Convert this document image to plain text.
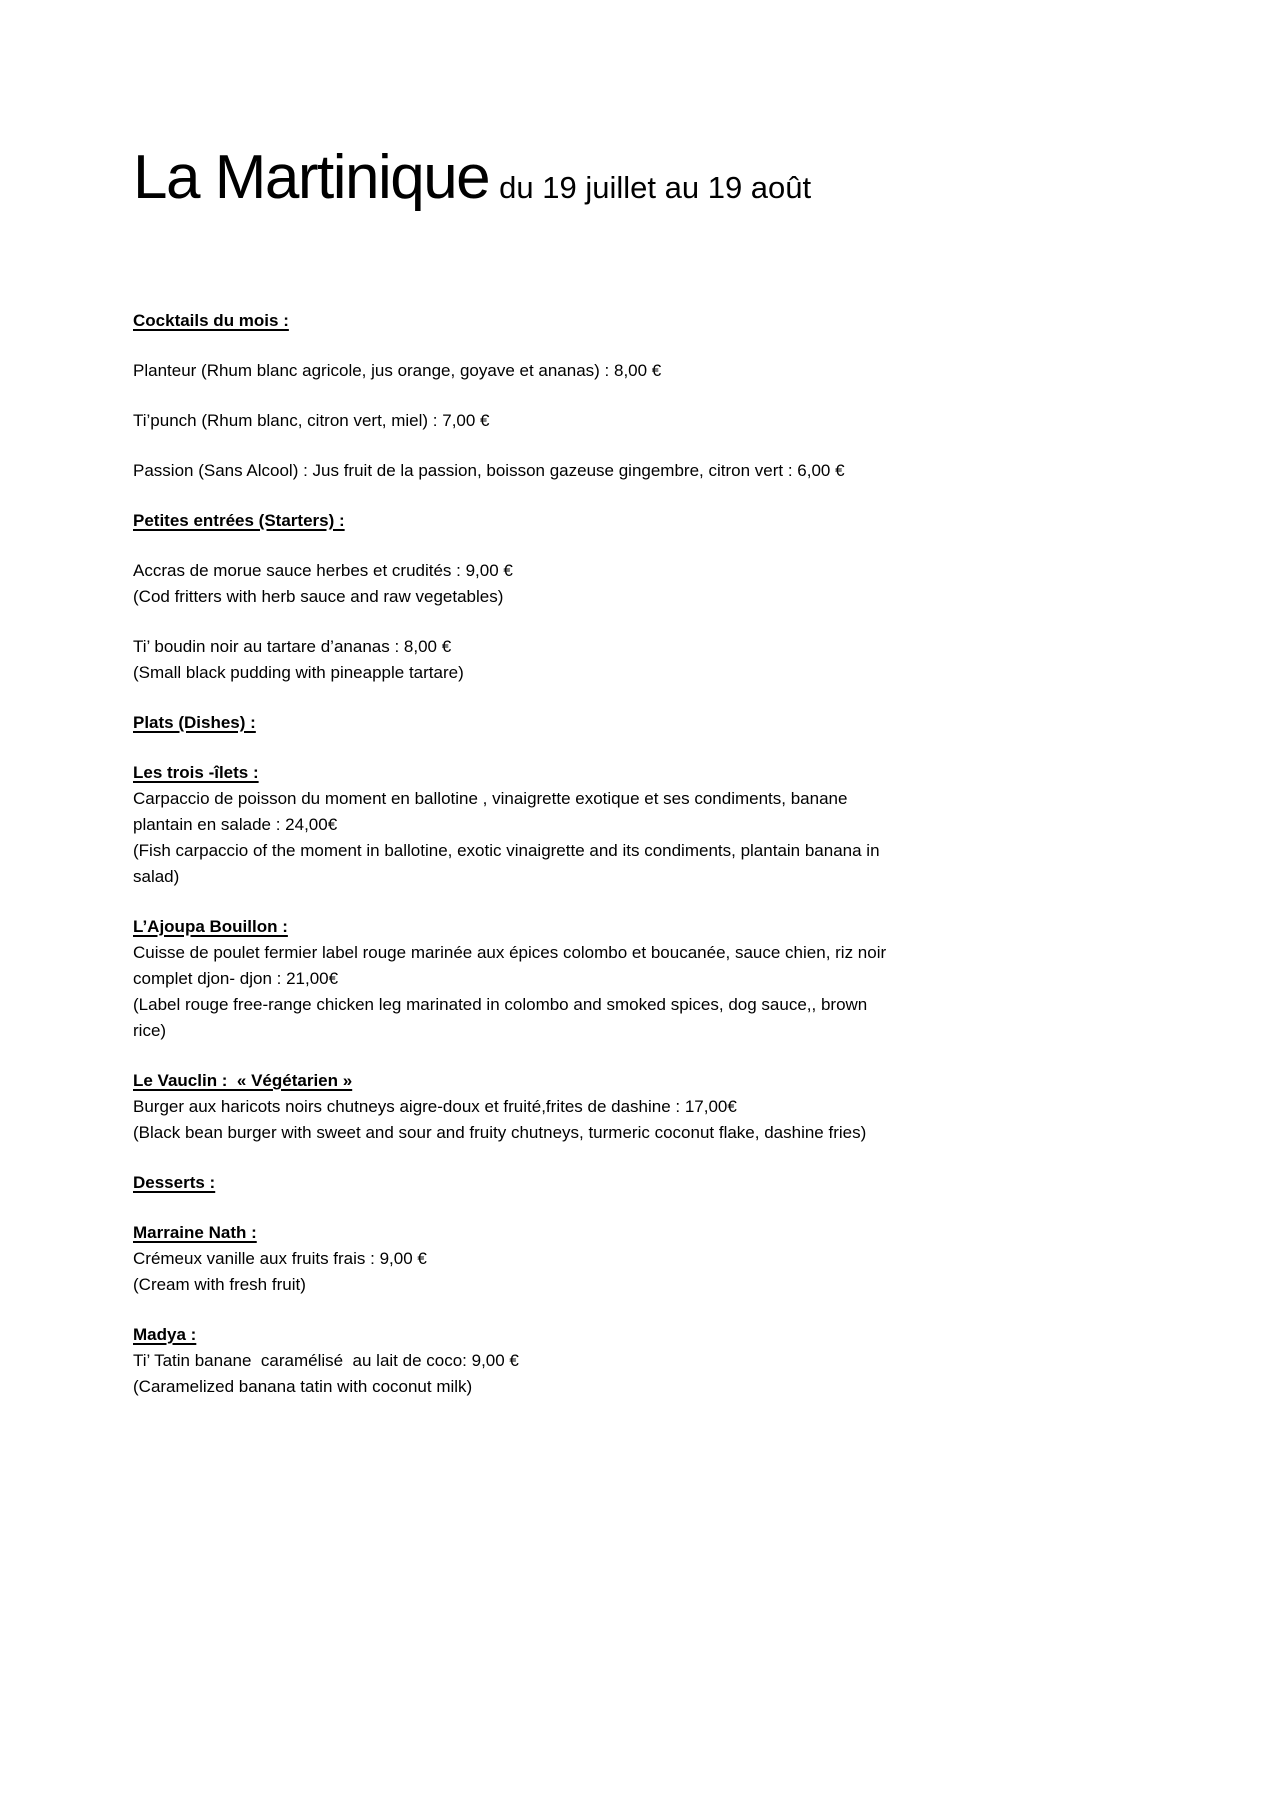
La Martinique du 19 juillet au 19 août
Cocktails du mois :
Planteur (Rhum blanc agricole, jus orange, goyave et ananas) : 8,00 €
Ti’punch (Rhum blanc, citron vert, miel) : 7,00 €
Passion (Sans Alcool) : Jus fruit de la passion, boisson gazeuse gingembre, citron vert : 6,00 €
Petites entrées (Starters) :
Accras de morue sauce herbes et crudités : 9,00 €
(Cod fritters with herb sauce and raw vegetables)
Ti’ boudin noir au tartare d’ananas : 8,00 €
(Small black pudding with pineapple tartare)
Plats (Dishes) :
Les trois -îlets :
Carpaccio de poisson du moment en ballotine , vinaigrette exotique et ses condiments, banane
plantain en salade : 24,00€
(Fish carpaccio of the moment in ballotine, exotic vinaigrette and its condiments, plantain banana in
salad)
L’Ajoupa Bouillon :
Cuisse de poulet fermier label rouge marinée aux épices colombo et boucanée, sauce chien, riz noir
complet djon- djon : 21,00€
(Label rouge free-range chicken leg marinated in colombo and smoked spices, dog sauce,, brown
rice)
Le Vauclin :  « Végétarien »
Burger aux haricots noirs chutneys aigre-doux et fruité,frites de dashine : 17,00€
(Black bean burger with sweet and sour and fruity chutneys, turmeric coconut flake, dashine fries)
Desserts :
Marraine Nath :
Crémeux vanille aux fruits frais : 9,00 €
(Cream with fresh fruit)
Madya :
Ti’ Tatin banane  caramélisé  au lait de coco: 9,00 €
(Caramelized banana tatin with coconut milk)
